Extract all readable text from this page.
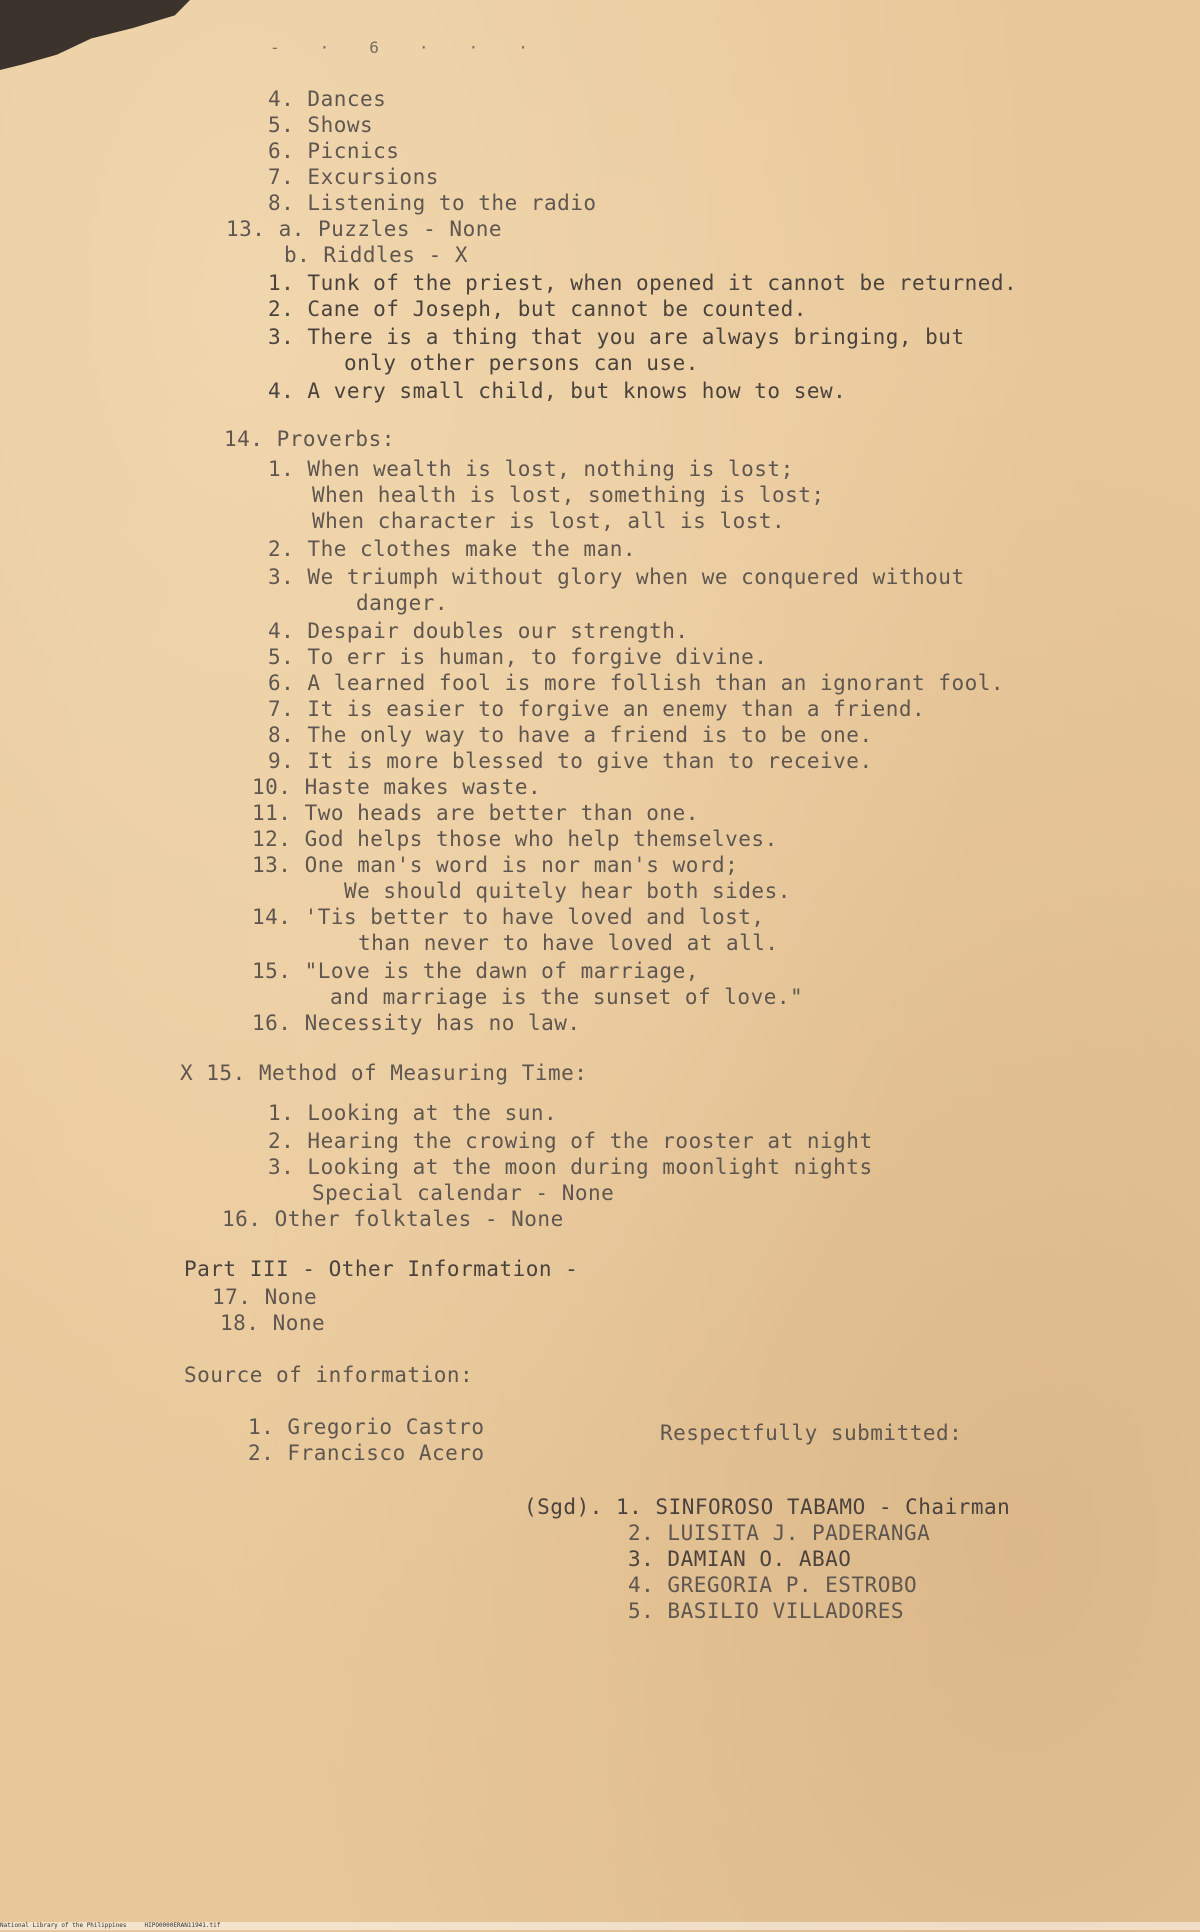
-·6···
4. Dances
5. Shows
6. Picnics
7. Excursions
8. Listening to the radio
13. a. Puzzles - None
b. Riddles - X
1. Tunk of the priest, when opened it cannot be returned.
2. Cane of Joseph, but cannot be counted.
3. There is a thing that you are always bringing, but
only other persons can use.
4. A very small child, but knows how to sew.
14. Proverbs:
1. When wealth is lost, nothing is lost;
When health is lost, something is lost;
When character is lost, all is lost.
2. The clothes make the man.
3. We triumph without glory when we conquered without
danger.
4. Despair doubles our strength.
5. To err is human, to forgive divine.
6. A learned fool is more follish than an ignorant fool.
7. It is easier to forgive an enemy than a friend.
8. The only way to have a friend is to be one.
9. It is more blessed to give than to receive.
10. Haste makes waste.
11. Two heads are better than one.
12. God helps those who help themselves.
13. One man's word is nor man's word;
We should quitely hear both sides.
14. 'Tis better to have loved and lost,
than never to have loved at all.
15. "Love is the dawn of marriage,
and marriage is the sunset of love."
16. Necessity has no law.
X 15. Method of Measuring Time:
1. Looking at the sun.
2. Hearing the crowing of the rooster at night
3. Looking at the moon during moonlight nights
Special calendar - None
16. Other folktales - None
Part III - Other Information -
17. None
18. None
Source of information:
1. Gregorio Castro
2. Francisco Acero
Respectfully submitted:
(Sgd). 1. SINFOROSO TABAMO - Chairman
2. LUISITA J. PADERANGA
3. DAMIAN O. ABAO
4. GREGORIA P. ESTROBO
5. BASILIO VILLADORES
National Library of the Philippines     HIPO0000ERAN11941.tif
